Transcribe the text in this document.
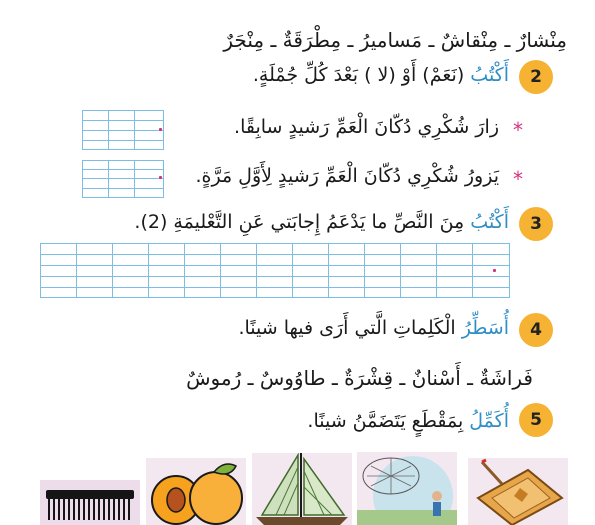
مِنْشارٌ ـ مِنْقاشٌ ـ مَساميرُ ـ مِطْرَقَةٌ ـ مِنْجَرٌ
2
أَكْتُبُ (نَعَمْ) أَوْ (لا ) بَعْدَ كُلِّ جُمْلَةٍ.
*
زارَ شُكْرِي دُكّانَ الْعَمِّ رَشيدٍ سابِقًا.
*
يَزورُ شُكْرِي دُكّانَ الْعَمِّ رَشيدٍ لِأَوَّلِ مَرَّةٍ.
3
أَكْتُبُ مِنَ النَّصِّ ما يَدْعَمُ إِجابَتي عَنِ التَّعْليمَةِ (2).
4
أُسَطِّرُ الْكَلِماتِ الَّتي أَرَى فيها شينًا.
فَراشَةٌ ـ أَسْنانٌ ـ قِشْرَةٌ ـ طاوُوسٌ ـ رُموشٌ
5
أُكَمِّلُ بِمَقْطَعٍ يَتَضَمَّنُ شينًا.
